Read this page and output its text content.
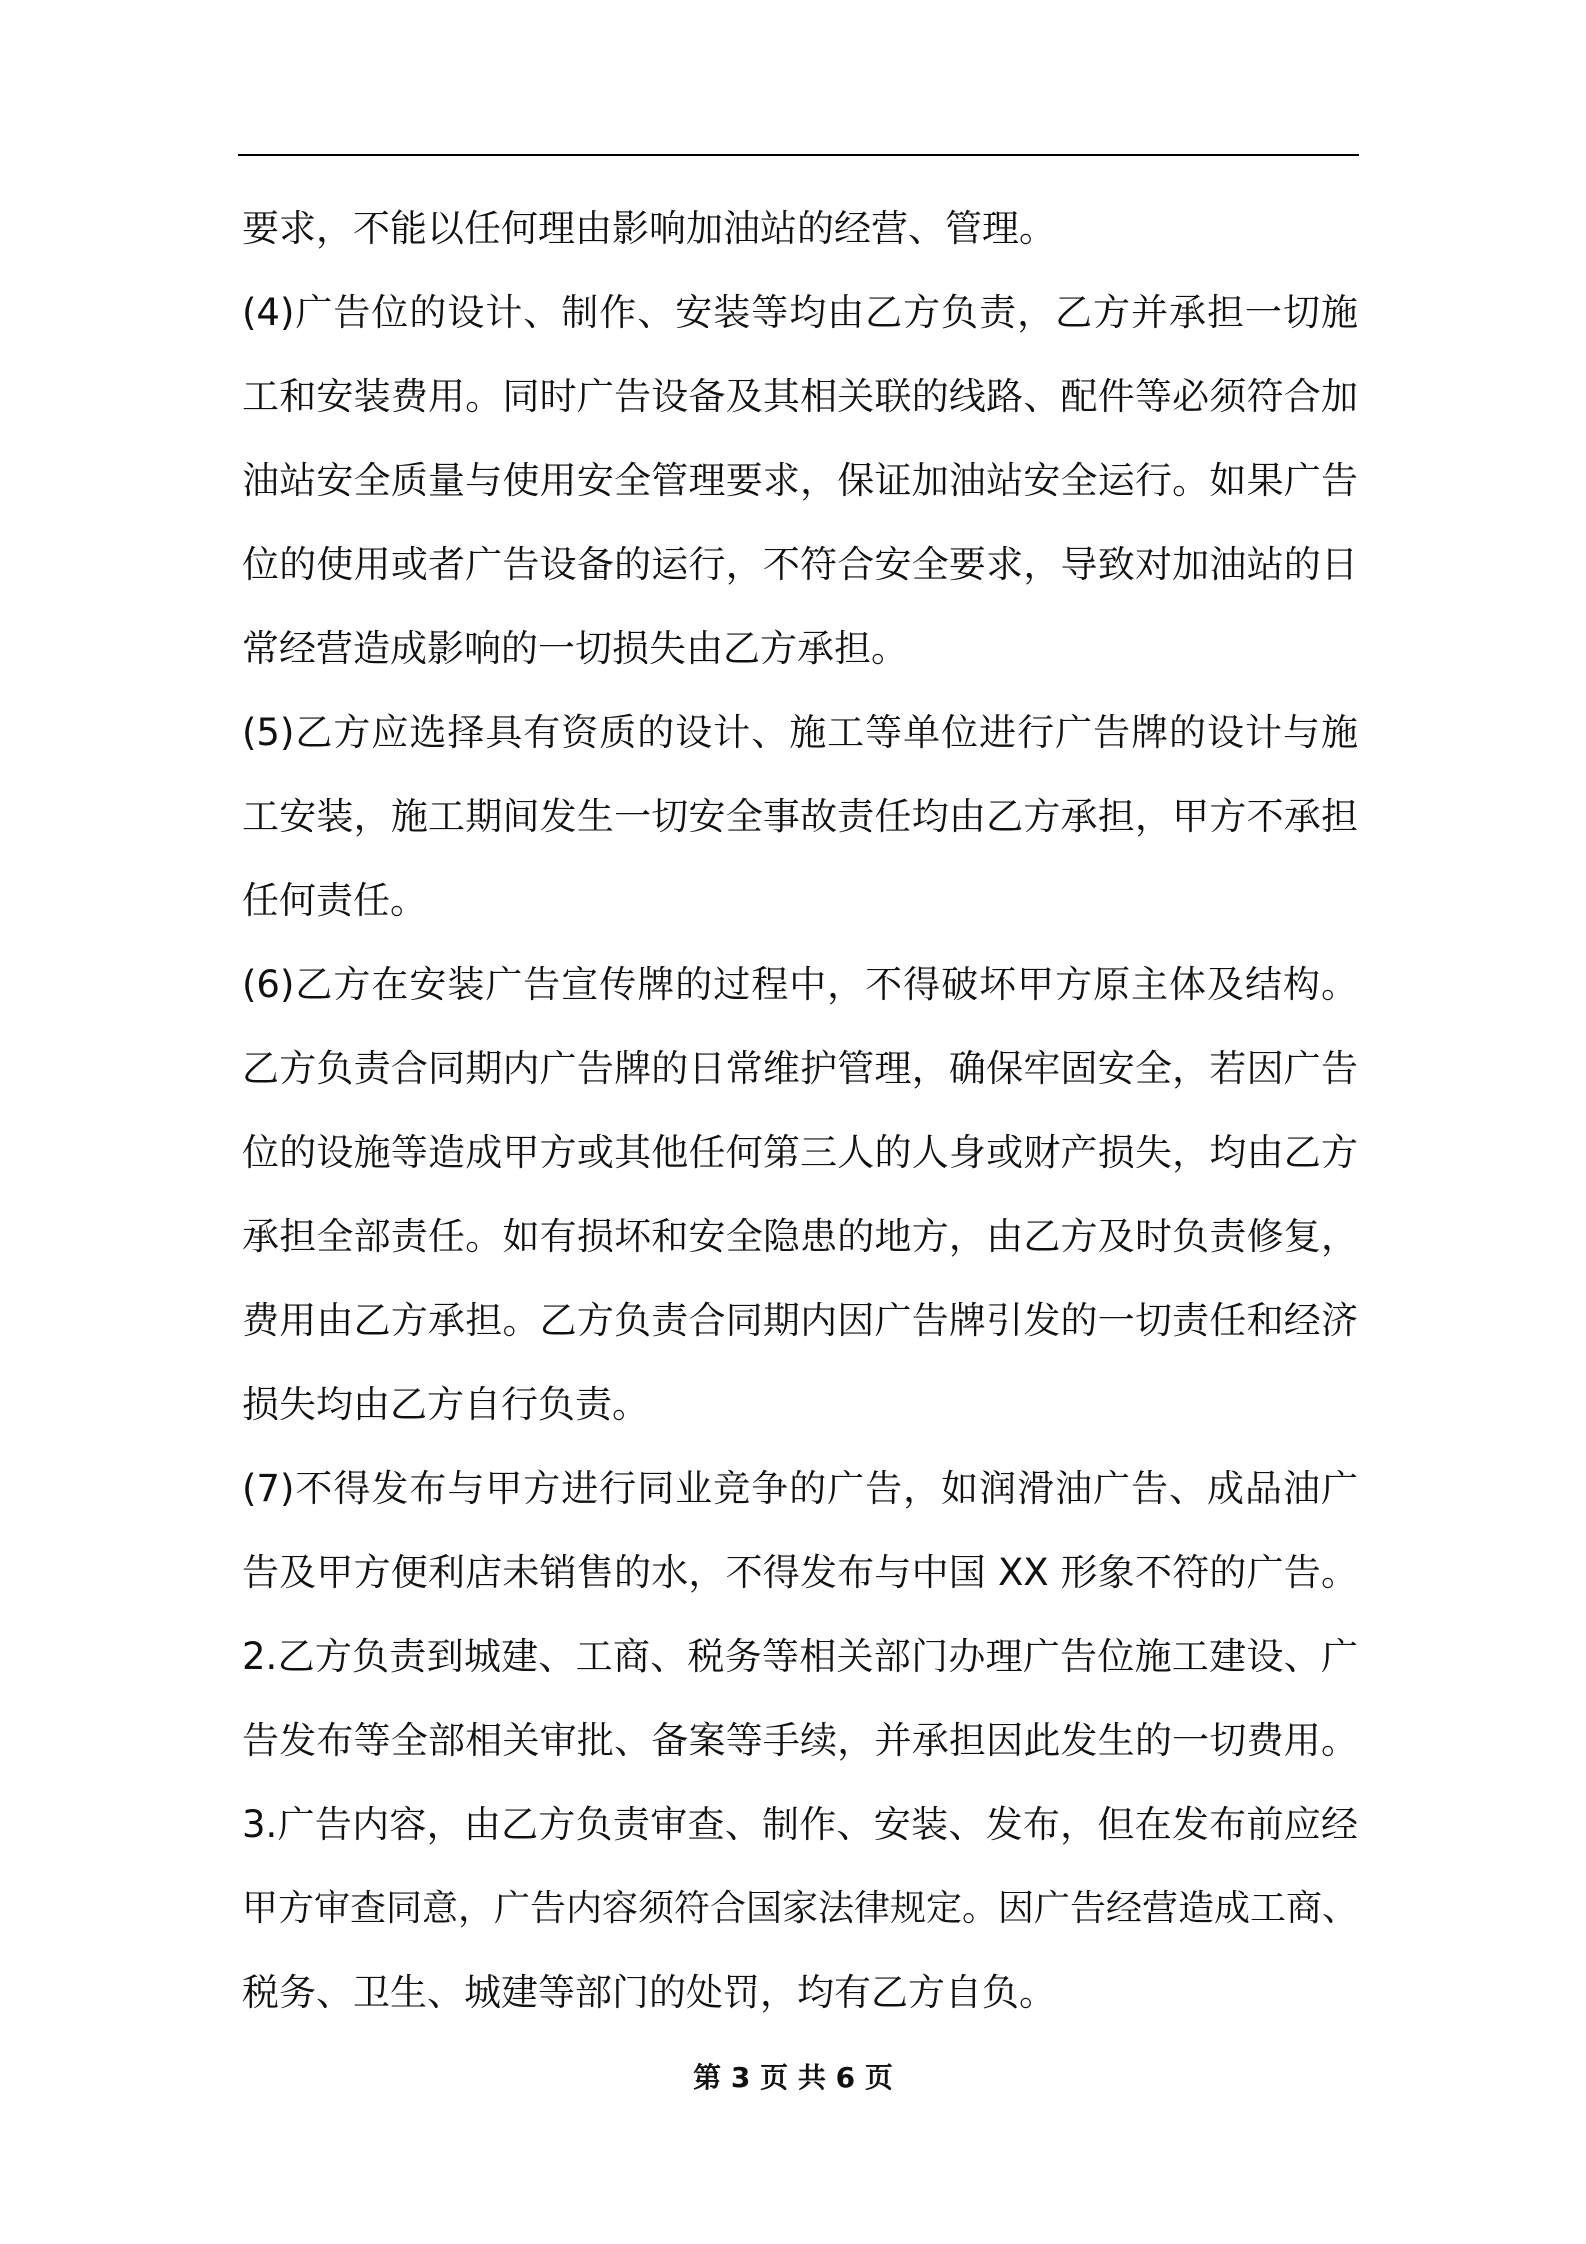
要求，不能以任何理由影响加油站的经营、管理。
(4)广告位的设计、制作、安装等均由乙方负责，乙方并承担一切施
工和安装费用。同时广告设备及其相关联的线路、配件等必须符合加
油站安全质量与使用安全管理要求，保证加油站安全运行。如果广告
位的使用或者广告设备的运行，不符合安全要求，导致对加油站的日
常经营造成影响的一切损失由乙方承担。
(5)乙方应选择具有资质的设计、施工等单位进行广告牌的设计与施
工安装，施工期间发生一切安全事故责任均由乙方承担，甲方不承担
任何责任。
(6)乙方在安装广告宣传牌的过程中，不得破坏甲方原主体及结构。
乙方负责合同期内广告牌的日常维护管理，确保牢固安全，若因广告
位的设施等造成甲方或其他任何第三人的人身或财产损失，均由乙方
承担全部责任。如有损坏和安全隐患的地方，由乙方及时负责修复，
费用由乙方承担。乙方负责合同期内因广告牌引发的一切责任和经济
损失均由乙方自行负责。
(7)不得发布与甲方进行同业竞争的广告，如润滑油广告、成品油广
告及甲方便利店未销售的水，不得发布与中国 XX 形象不符的广告。
2.乙方负责到城建、工商、税务等相关部门办理广告位施工建设、广
告发布等全部相关审批、备案等手续，并承担因此发生的一切费用。
3.广告内容，由乙方负责审查、制作、安装、发布，但在发布前应经
甲方审查同意，广告内容须符合国家法律规定。因广告经营造成工商、
税务、卫生、城建等部门的处罚，均有乙方自负。
第 3 页 共 6 页
